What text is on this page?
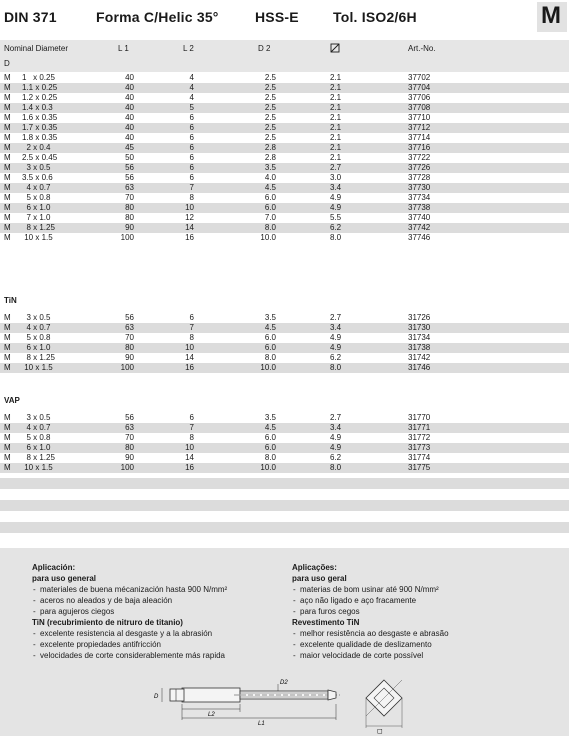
DIN 371	Forma C/Helic 35°	HSS-E Tol. ISO2/6H	M
Nominal Diameter
D
L 1	L 2	D 2	Art.-No.
M 1   x 0.25	40	4	2.5	2.1	37702
M 1.1 x 0.25	40	4	2.5	2.1	37704
M 1.2 x 0.25	40	4	2.5	2.1	37706
M 1.4 x 0.3	40	5	2.5	2.1	37708
M 1.6 x 0.35	40	6	2.5	2.1	37710
M 1.7 x 0.35	40	6	2.5	2.1	37712
M 1.8 x 0.35	40	6	2.5	2.1	37714
M 2 x 0.4	45	6	2.8	2.1	37716
M 2.5 x 0.45	50	6	2.8	2.1	37722
M 3 x 0.5	56	6	3.5	2.7	37726
M 3.5 x 0.6	56	6	4.0	3.0	37728
M 4 x 0.7	63	7	4.5	3.4	37730
M 5 x 0.8	70	8	6.0	4.9	37734
M 6 x 1.0	80	10	6.0	4.9	37738
M 7 x 1.0	80	12	7.0	5.5	37740
M 8 x 1.25	90	14	8.0	6.2	37742
M 10 x 1.5	100	16	10.0	8.0	37746
TiN
M 3 x 0.5	56	6	3.5	2.7	31726
M 4 x 0.7	63	7	4.5	3.4	31730
M 5 x 0.8	70	8	6.0	4.9	31734
M 6 x 1.0	80	10	6.0	4.9	31738
M 8 x 1.25	90	14	8.0	6.2	31742
M 10 x 1.5	100	16	10.0	8.0	31746
VAP
M 3 x 0.5	56	6	3.5	2.7	31770
M 4 x 0.7	63	7	4.5	3.4	31771
M 5 x 0.8	70	8	6.0	4.9	31772
M 6 x 1.0	80	10	6.0	4.9	31773
M 8 x 1.25	90	14	8.0	6.2	31774
M 10 x 1.5	100	16	10.0	8.0	31775
Aplicación:
para uso general
- materiales de buena mécanización hasta 900 N/mm²
- aceros no aleados y de baja aleación
- para agujeros ciegos
TiN (recubrimiento de nitruro de titanio)
- excelente resistencia al desgaste y a la abrasión
- excelente propiedades antifricción
- velocidades de corte considerablemente más rapida
Aplicações:
para uso geral
- materias de bom usinar até 900 N/mm²
- aço não ligado e aço fracamente
- para furos cegos
Revestimento TiN
- melhor resistência ao desgaste e abrasão
- excelente qualidade de deslizamento
- maior velocidade de corte possível
D
D2
L2
L1
◻
